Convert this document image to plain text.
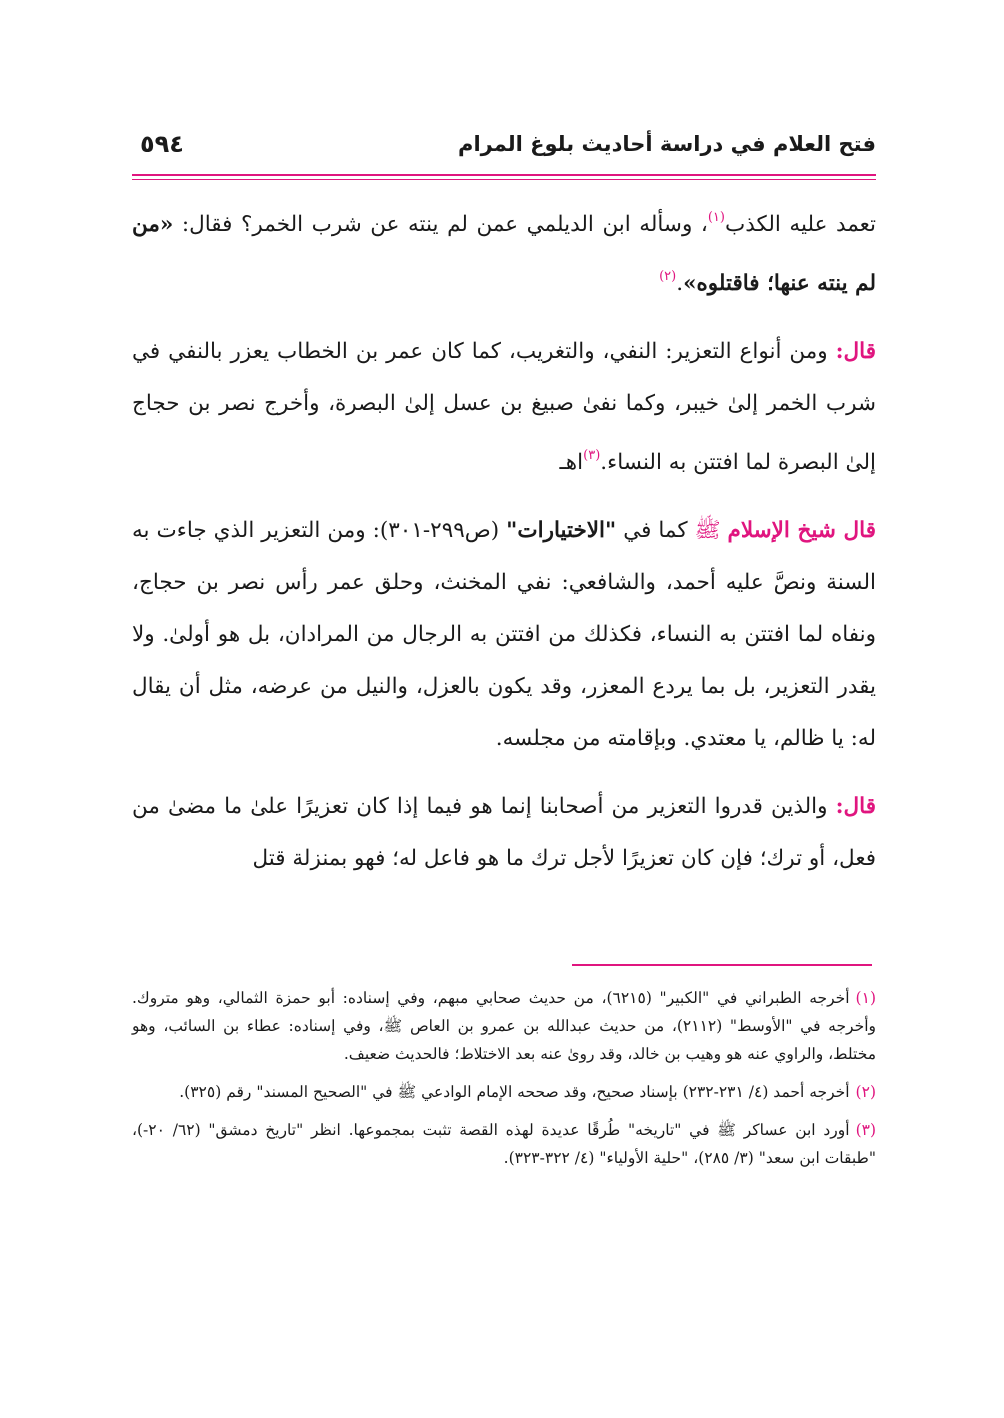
فتح العلام في دراسة أحاديث بلوغ المرام
٥٩٤

تعمد عليه الكذب$^{(١)}$، وسأله ابن الديلمي عمن لم ينته عن شرب الخمر؟ فقال: «من لم ينته عنها؛ فاقتلوه».$^{(٢)}$

قال: ومن أنواع التعزير: النفي، والتغريب، كما كان عمر بن الخطاب يعزر بالنفي في شرب الخمر إلىٰ خيبر، وكما نفىٰ صبيغ بن عسل إلىٰ البصرة، وأخرج نصر بن حجاج إلىٰ البصرة لما افتتن به النساء.$^{(٣)}$اهـ

قال شيخ الإسلام ﷺ كما في "الاختيارات" (ص٢٩٩-٣٠١): ومن التعزير الذي جاءت به السنة ونصَّ عليه أحمد، والشافعي: نفي المخنث، وحلق عمر رأس نصر بن حجاج، ونفاه لما افتتن به النساء، فكذلك من افتتن به الرجال من المرادان، بل هو أولىٰ. ولا يقدر التعزير، بل بما يردع المعزر، وقد يكون بالعزل، والنيل من عرضه، مثل أن يقال له: يا ظالم، يا معتدي. وبإقامته من مجلسه.

قال: والذين قدروا التعزير من أصحابنا إنما هو فيما إذا كان تعزيرًا علىٰ ما مضىٰ من فعل، أو ترك؛ فإن كان تعزيرًا لأجل ترك ما هو فاعل له؛ فهو بمنزلة قتل

(١)أخرجه الطبراني في "الكبير" (٦٢١٥)، من حديث صحابي مبهم، وفي إسناده: أبو حمزة الثمالي، وهو متروك. وأخرجه في "الأوسط" (٢١١٢)، من حديث عبدالله بن عمرو بن العاص ﷺ، وفي إسناده: عطاء بن السائب، وهو مختلط، والراوي عنه هو وهيب بن خالد، وقد روىٰ عنه بعد الاختلاط؛ فالحديث ضعيف.

(٢)أخرجه أحمد (٤/ ٢٣١-٢٣٢) بإسناد صحيح، وقد صححه الإمام الوادعي ﷺ في "الصحيح المسند" رقم (٣٢٥).

(٣)أورد ابن عساكر ﷺ في "تاريخه" طُرقًا عديدة لهذه القصة تثبت بمجموعها. انظر "تاريخ دمشق" (٦٢/ ٢٠-)، "طبقات ابن سعد" (٣/ ٢٨٥)، "حلية الأولياء" (٤/ ٣٢٢-٣٢٣).
